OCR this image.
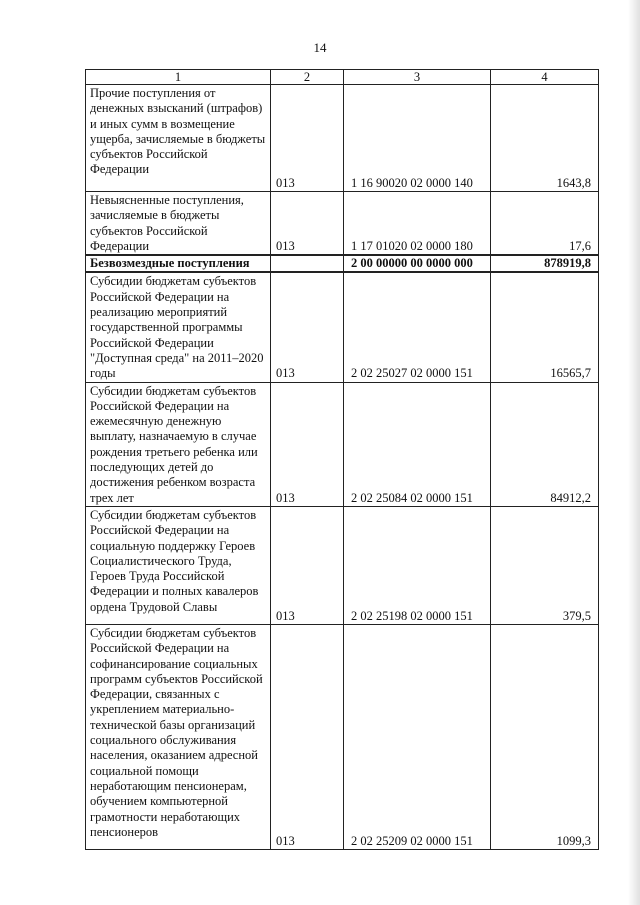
14
1	2	3	4
Прочие поступления от денежных взысканий (штрафов) и иных сумм в возмещение ущерба, зачисляемые в бюджеты субъектов Российской Федерации	013	1 16 90020 02 0000 140	1643,8
Невыясненные поступления, зачисляемые в бюджеты субъектов Российской Федерации	013	1 17 01020 02 0000 180	17,6
Безвозмездные поступления		2 00 00000 00 0000 000	878919,8
Субсидии бюджетам субъектов Российской Федерации на реализацию мероприятий государственной программы Российской Федерации "Доступная среда" на 2011–2020 годы	013	2 02 25027 02 0000 151	16565,7
Субсидии бюджетам субъектов Российской Федерации на ежемесячную денежную выплату, назначаемую в случае рождения третьего ребенка или последующих детей до достижения ребенком возраста трех лет	013	2 02 25084 02 0000 151	84912,2
Субсидии бюджетам субъектов Российской Федерации на социальную поддержку Героев Социалистического Труда, Героев Труда Российской Федерации и полных кавалеров ордена Трудовой Славы	013	2 02 25198 02 0000 151	379,5
Субсидии бюджетам субъектов Российской Федерации на софинансирование социальных программ субъектов Российской Федерации, связанных с укреплением материально-технической базы организаций социального обслуживания населения, оказанием адресной социальной помощи неработающим пенсионерам, обучением компьютерной грамотности неработающих пенсионеров	013	2 02 25209 02 0000 151	1099,3
